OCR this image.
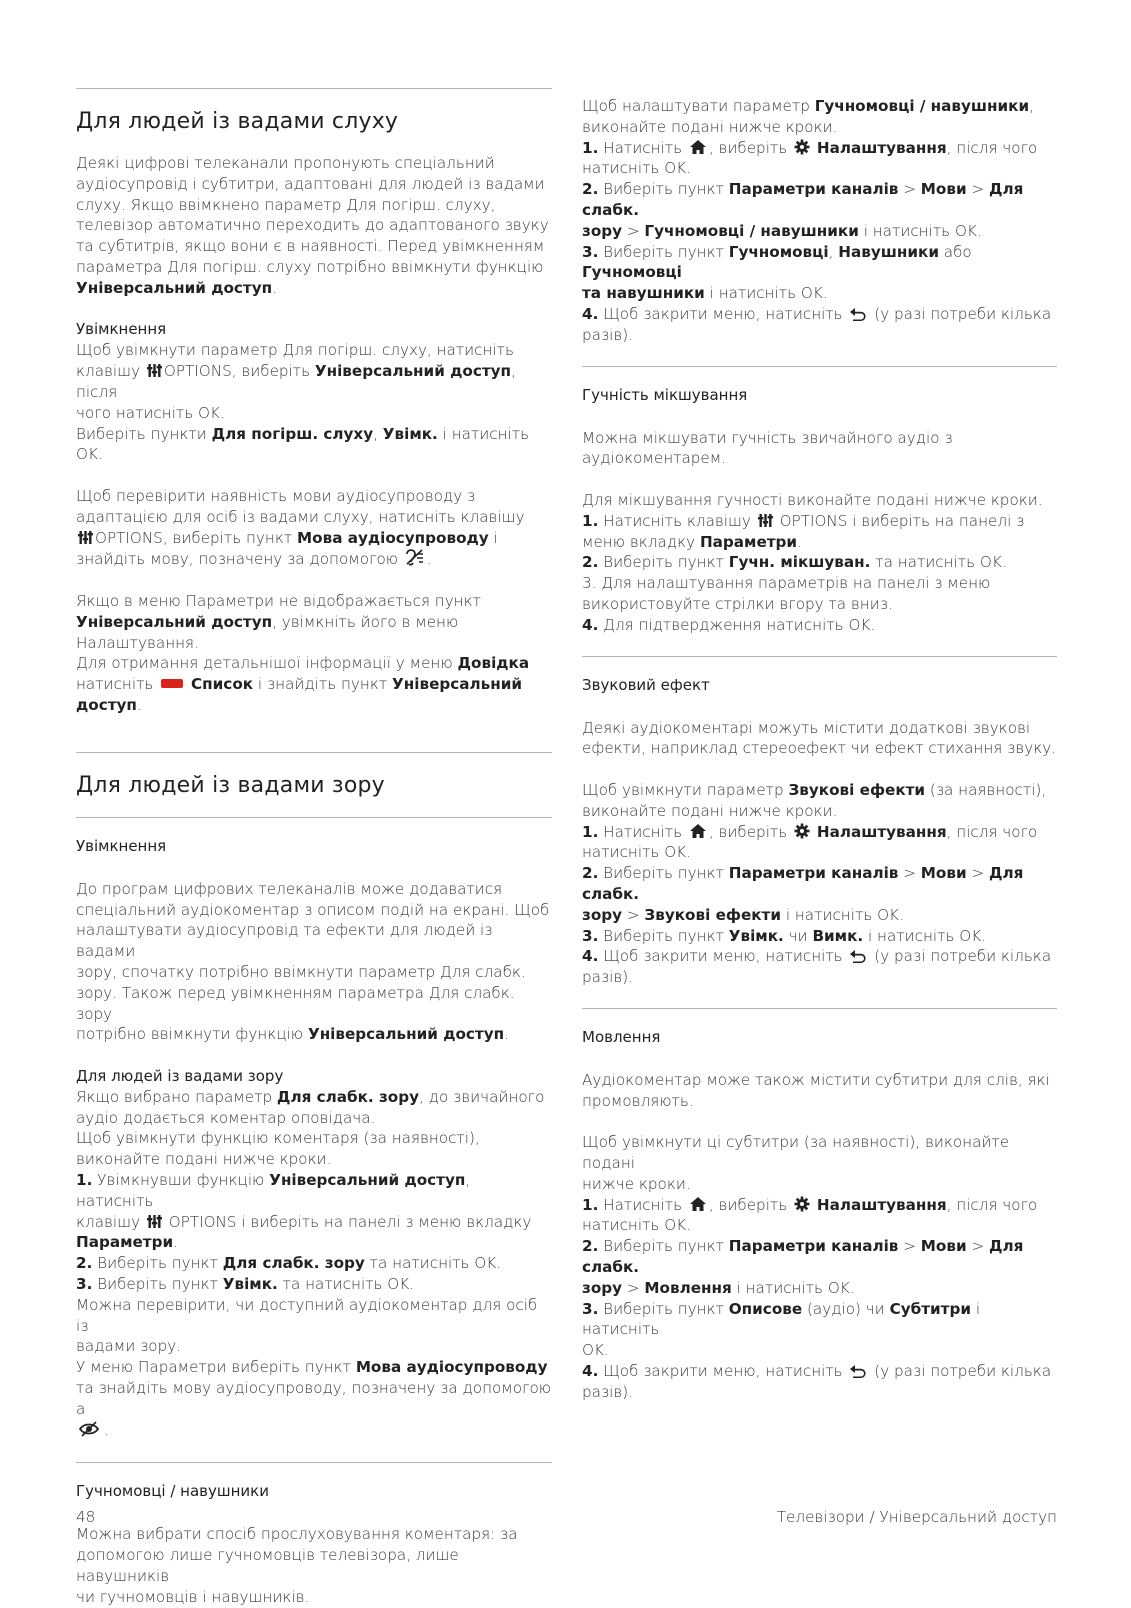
Для людей із вадами слуху

Деякі цифрові телеканали пропонують спеціальний
аудіосупровід і субтитри, адаптовані для людей із вадами
слуху. Якщо ввімкнено параметр Для погірш. слуху,
телевізор автоматично переходить до адаптованого звуку
та субтитрів, якщо вони є в наявності. Перед увімкненням
параметра Для погірш. слуху потрібно ввімкнути функцію
Універсальний доступ.

Увімкнення

Щоб увімкнути параметр Для погірш. слуху, натисніть
клавішу OPTIONS, виберіть Універсальний доступ, після
чого натисніть OK.
Виберіть пункти Для погірш. слуху, Увімк. і натисніть OK.

Щоб перевірити наявність мови аудіосупроводу з
адаптацією для осіб із вадами слуху, натисніть клавішу
OPTIONS, виберіть пункт Мова аудіосупроводу і
знайдіть мову, позначену за допомогою .

Якщо в меню Параметри не відображається пункт
Універсальний доступ, увімкніть його в меню Налаштування.
Для отримання детальнішої інформації у меню Довідка
натисніть Список і знайдіть пункт Універсальний
доступ.

Для людей із вадами зору
Увімкнення

До програм цифрових телеканалів може додаватися
спеціальний аудіокоментар з описом подій на екрані. Щоб
налаштувати аудіосупровід та ефекти для людей із вадами
зору, спочатку потрібно ввімкнути параметр Для слабк.
зору. Також перед увімкненням параметра Для слабк. зору
потрібно ввімкнути функцію Універсальний доступ.

Для людей із вадами зору

Якщо вибрано параметр Для слабк. зору, до звичайного
аудіо додається коментар оповідача.
Щоб увімкнути функцію коментаря (за наявності),
виконайте подані нижче кроки.
1. Увімкнувши функцію Універсальний доступ, натисніть
клавішу OPTIONS і виберіть на панелі з меню вкладку
Параметри.
2. Виберіть пункт Для слабк. зору та натисніть OK.
3. Виберіть пункт Увімк. та натисніть OK.
Можна перевірити, чи доступний аудіокоментар для осіб із
вадами зору.
У меню Параметри виберіть пункт Мова аудіосупроводу
та знайдіть мову аудіосупроводу, позначену за допомогою а
.

Гучномовці / навушники

Можна вибрати спосіб прослуховування коментаря: за
допомогою лише гучномовців телевізора, лише навушників
чи гучномовців і навушників.

Щоб налаштувати параметр Гучномовці / навушники,
виконайте подані нижче кроки.
1. Натисніть , виберіть Налаштування, після чого
натисніть OK.
2. Виберіть пункт Параметри каналів > Мови > Для слабк.
зору > Гучномовці / навушники і натисніть OK.
3. Виберіть пункт Гучномовці, Навушники або Гучномовці
та навушники і натисніть OK.
4. Щоб закрити меню, натисніть (у разі потреби кілька
разів).

Гучність мікшування

Можна мікшувати гучність звичайного аудіо з
аудіокоментарем.

Для мікшування гучності виконайте подані нижче кроки.
1. Натисніть клавішу OPTIONS і виберіть на панелі з
меню вкладку Параметри.
2. Виберіть пункт Гучн. мікшуван. та натисніть OK.
3. Для налаштування параметрів на панелі з меню
використовуйте стрілки вгору та вниз.
4. Для підтвердження натисніть OK.

Звуковий ефект

Деякі аудіокоментарі можуть містити додаткові звукові
ефекти, наприклад стереоефект чи ефект стихання звуку.

Щоб увімкнути параметр Звукові ефекти (за наявності),
виконайте подані нижче кроки.
1. Натисніть , виберіть Налаштування, після чого
натисніть OK.
2. Виберіть пункт Параметри каналів > Мови > Для слабк.
зору > Звукові ефекти і натисніть OK.
3. Виберіть пункт Увімк. чи Вимк. і натисніть OK.
4. Щоб закрити меню, натисніть (у разі потреби кілька
разів).

Мовлення

Аудіокоментар може також містити субтитри для слів, які
промовляють.

Щоб увімкнути ці субтитри (за наявності), виконайте подані
нижче кроки.
1. Натисніть , виберіть Налаштування, після чого
натисніть OK.
2. Виберіть пункт Параметри каналів > Мови > Для слабк.
зору > Мовлення і натисніть OK.
3. Виберіть пункт Описове (аудіо) чи Субтитри і натисніть
OK.
4. Щоб закрити меню, натисніть (у разі потреби кілька
разів).

48	Телевізори / Універсальний доступ
